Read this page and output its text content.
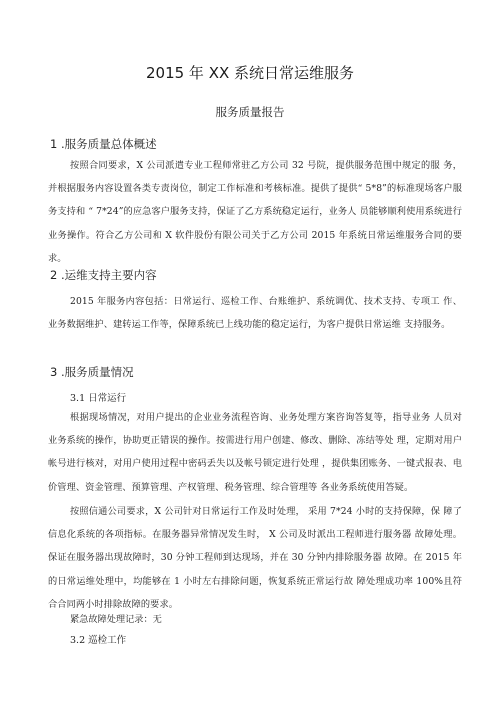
2015 年 XX 系统日常运维服务
服务质量报告
1 .服务质量总体概述
按照合同要求，X 公司派遣专业工程师常驻乙方公司 32 号院，提供服务范围中规定的服 务，并根据服务内容设置各类专责岗位，制定工作标准和考核标准。提供了提供“ 5*8”的标准现场客户服务支持和 “ 7*24”的应急客户服务支持，保证了乙方系统稳定运行，业务人 员能够顺利使用系统进行业务操作。符合乙方公司和 X 软件股份有限公司关于乙方公司 2015 年系统日常运维服务合同的要求。
2 .运维支持主要内容
2015 年服务内容包括：日常运行、巡检工作、台账维护、系统调优、技术支持、专项工 作、业务数据维护、建转运工作等，保障系统已上线功能的稳定运行，为客户提供日常运维 支持服务。
3 .服务质量情况
3.1 日常运行
根据现场情况，对用户提出的企业业务流程咨询、业务处理方案咨询答复等，指导业务 人员对业务系统的操作，协助更正错误的操作。按需进行用户创建、修改、删除、冻结等处 理，定期对用户帐号进行核对，对用户使用过程中密码丢失以及帐号锁定进行处理 ，提供集团账务、一键式报表、电价管理、资金管理、预算管理、产权管理、税务管理、综合管理等 各业务系统使用答疑。
按照信通公司要求，X 公司针对日常运行工作及时处理， 采用 7*24 小时的支持保障，保 障了信息化系统的各项指标。在服务器异常情况发生时， X 公司及时派出工程师进行服务器 故障处理。保证在服务器出现故障时，30 分钟工程师到达现场，并在 30 分钟内排除服务器 故障。在 2015 年的日常运维处理中，均能够在 1 小时左右排除问题，恢复系统正常运行故 障处理成功率 100%且符合合同两小时排除故障的要求。
紧急故障处理记录：无
3.2 巡检工作
